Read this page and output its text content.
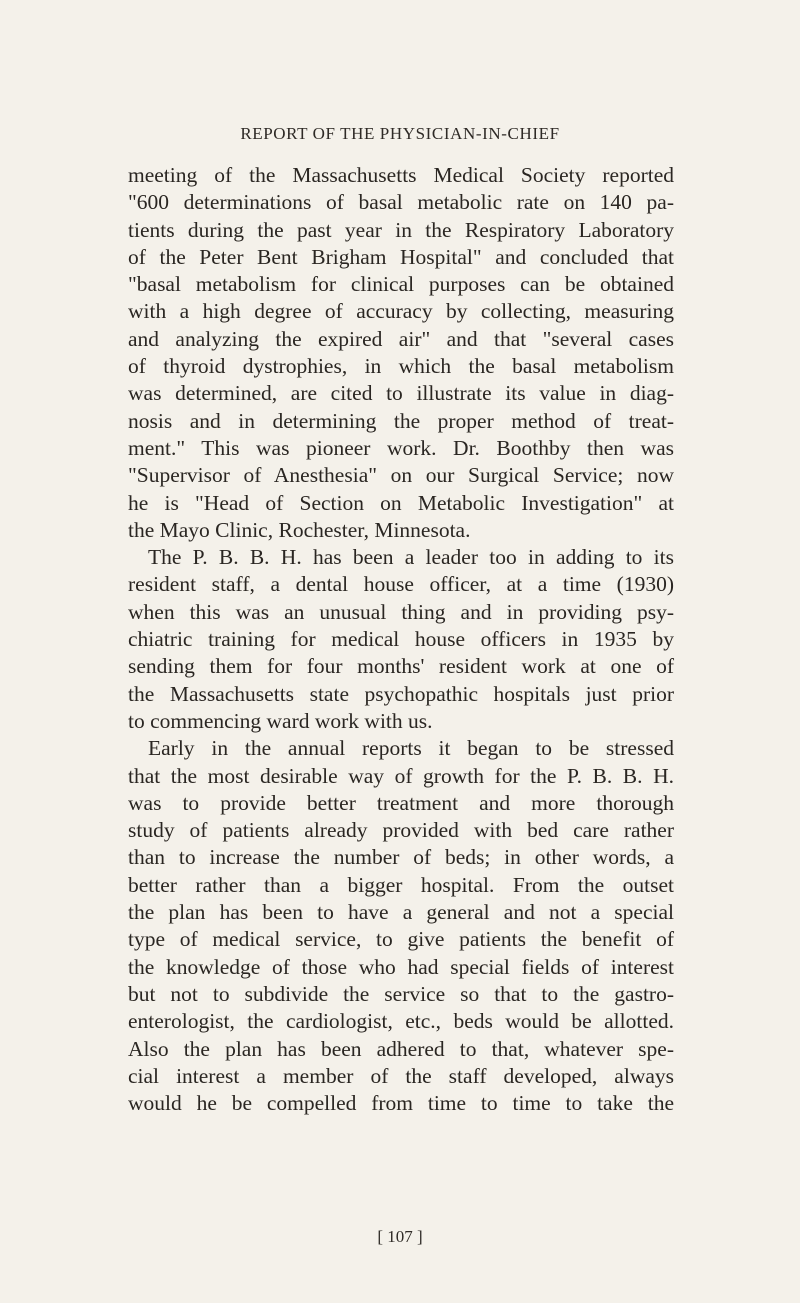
REPORT OF THE PHYSICIAN-IN-CHIEF
meeting of the Massachusetts Medical Society reported
"600 determinations of basal metabolic rate on 140 pa-
tients during the past year in the Respiratory Laboratory
of the Peter Bent Brigham Hospital" and concluded that
"basal metabolism for clinical purposes can be obtained
with a high degree of accuracy by collecting, measuring
and analyzing the expired air" and that "several cases
of thyroid dystrophies, in which the basal metabolism
was determined, are cited to illustrate its value in diag-
nosis and in determining the proper method of treat-
ment." This was pioneer work. Dr. Boothby then was
"Supervisor of Anesthesia" on our Surgical Service; now
he is "Head of Section on Metabolic Investigation" at
the Mayo Clinic, Rochester, Minnesota.
The P. B. B. H. has been a leader too in adding to its
resident staff, a dental house officer, at a time (1930)
when this was an unusual thing and in providing psy-
chiatric training for medical house officers in 1935 by
sending them for four months' resident work at one of
the Massachusetts state psychopathic hospitals just prior
to commencing ward work with us.
Early in the annual reports it began to be stressed
that the most desirable way of growth for the P. B. B. H.
was to provide better treatment and more thorough
study of patients already provided with bed care rather
than to increase the number of beds; in other words, a
better rather than a bigger hospital. From the outset
the plan has been to have a general and not a special
type of medical service, to give patients the benefit of
the knowledge of those who had special fields of interest
but not to subdivide the service so that to the gastro-
enterologist, the cardiologist, etc., beds would be allotted.
Also the plan has been adhered to that, whatever spe-
cial interest a member of the staff developed, always
would he be compelled from time to time to take the
[ 107 ]
